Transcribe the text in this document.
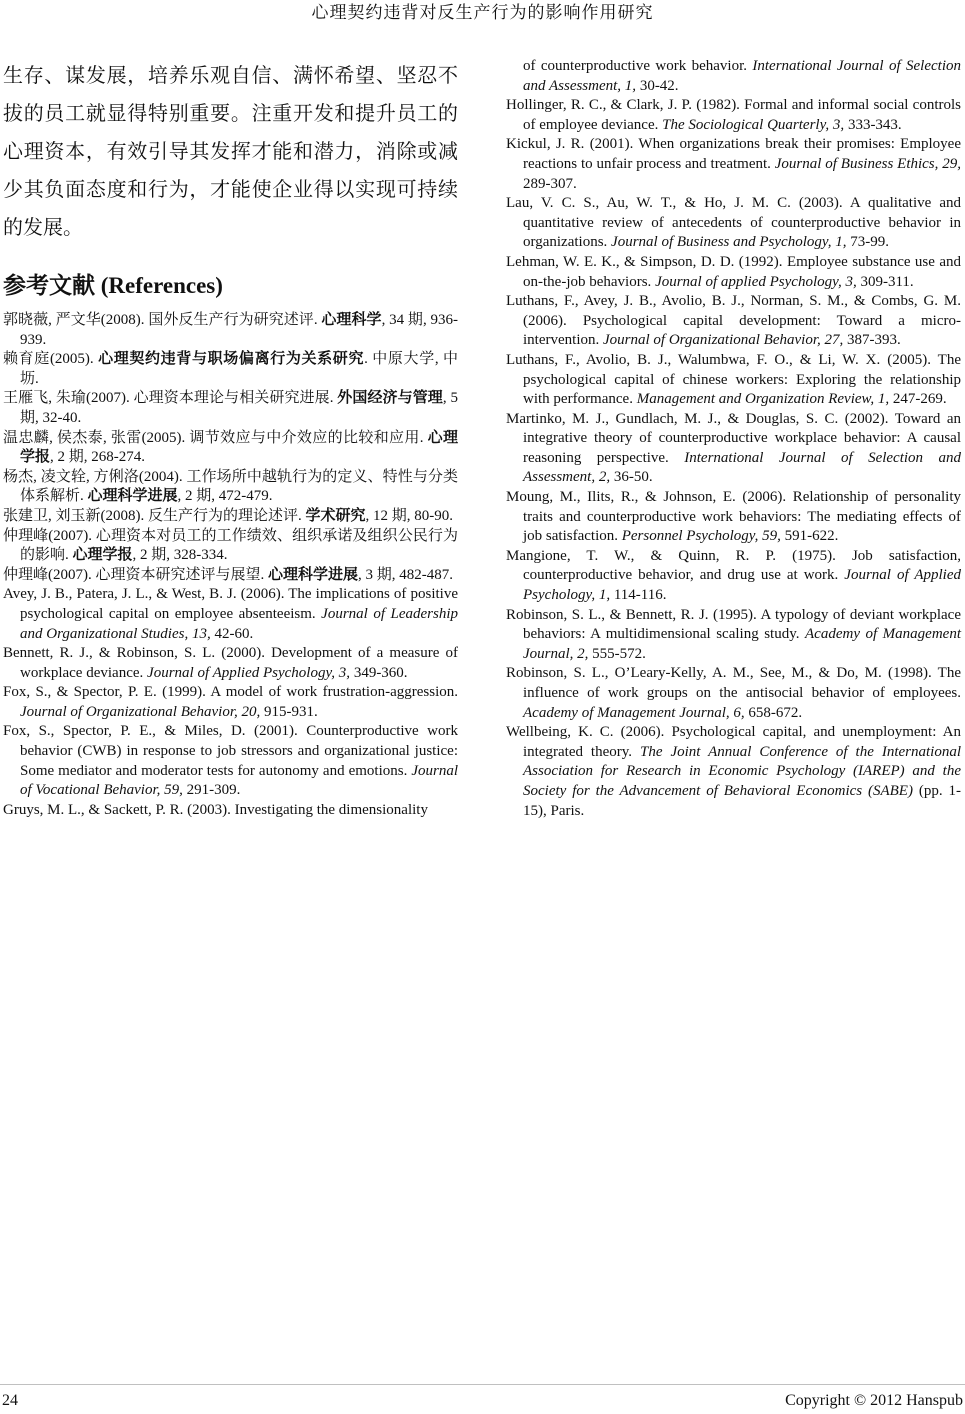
心理契约违背对反生产行为的影响作用研究

生存、谋发展，培养乐观自信、满怀希望、坚忍不拔的员工就显得特别重要。注重开发和提升员工的心理资本，有效引导其发挥才能和潜力，消除或减少其负面态度和行为，才能使企业得以实现可持续的发展。

参考文献 (References)
郭晓薇, 严文华(2008). 国外反生产行为研究述评. 心理科学, 34 期, 936-939.
赖育庭(2005). 心理契约违背与职场偏离行为关系研究. 中原大学, 中坜.
王雁飞, 朱瑜(2007). 心理资本理论与相关研究进展. 外国经济与管理, 5 期, 32-40.
温忠麟, 侯杰泰, 张雷(2005). 调节效应与中介效应的比较和应用. 心理学报, 2 期, 268-274.
杨杰, 凌文辁, 方俐洛(2004). 工作场所中越轨行为的定义、特性与分类体系解析. 心理科学进展, 2 期, 472-479.
张建卫, 刘玉新(2008). 反生产行为的理论述评. 学术研究, 12 期, 80-90.
仲理峰(2007). 心理资本对员工的工作绩效、组织承诺及组织公民行为的影响. 心理学报, 2 期, 328-334.
仲理峰(2007). 心理资本研究述评与展望. 心理科学进展, 3 期, 482-487.
Avey, J. B., Patera, J. L., & West, B. J. (2006). The implications of positive psychological capital on employee absenteeism. Journal of Leadership and Organizational Studies, 13, 42-60.
Bennett, R. J., & Robinson, S. L. (2000). Development of a measure of workplace deviance. Journal of Applied Psychology, 3, 349-360.
Fox, S., & Spector, P. E. (1999). A model of work frustration-aggression. Journal of Organizational Behavior, 20, 915-931.
Fox, S., Spector, P. E., & Miles, D. (2001). Counterproductive work behavior (CWB) in response to job stressors and organizational justice: Some mediator and moderator tests for autonomy and emotions. Journal of Vocational Behavior, 59, 291-309.
Gruys, M. L., & Sackett, P. R. (2003). Investigating the dimensionality
of counterproductive work behavior. International Journal of Selection and Assessment, 1, 30-42.
Hollinger, R. C., & Clark, J. P. (1982). Formal and informal social controls of employee deviance. The Sociological Quarterly, 3, 333-343.
Kickul, J. R. (2001). When organizations break their promises: Employee reactions to unfair process and treatment. Journal of Business Ethics, 29, 289-307.
Lau, V. C. S., Au, W. T., & Ho, J. M. C. (2003). A qualitative and quantitative review of antecedents of counterproductive behavior in organizations. Journal of Business and Psychology, 1, 73-99.
Lehman, W. E. K., & Simpson, D. D. (1992). Employee substance use and on-the-job behaviors. Journal of applied Psychology, 3, 309-311.
Luthans, F., Avey, J. B., Avolio, B. J., Norman, S. M., & Combs, G. M. (2006). Psychological capital development: Toward a micro-intervention. Journal of Organizational Behavior, 27, 387-393.
Luthans, F., Avolio, B. J., Walumbwa, F. O., & Li, W. X. (2005). The psychological capital of chinese workers: Exploring the relationship with performance. Management and Organization Review, 1, 247-269.
Martinko, M. J., Gundlach, M. J., & Douglas, S. C. (2002). Toward an integrative theory of counterproductive workplace behavior: A causal reasoning perspective. International Journal of Selection and Assessment, 2, 36-50.
Moung, M., Ilits, R., & Johnson, E. (2006). Relationship of personality traits and counterproductive work behaviors: The mediating effects of job satisfaction. Personnel Psychology, 59, 591-622.
Mangione, T. W., & Quinn, R. P. (1975). Job satisfaction, counterproductive behavior, and drug use at work. Journal of Applied Psychology, 1, 114-116.
Robinson, S. L., & Bennett, R. J. (1995). A typology of deviant workplace behaviors: A multidimensional scaling study. Academy of Management Journal, 2, 555-572.
Robinson, S. L., O’Leary-Kelly, A. M., See, M., & Do, M. (1998). The influence of work groups on the antisocial behavior of employees. Academy of Management Journal, 6, 658-672.
Wellbeing, K. C. (2006). Psychological capital, and unemployment: An integrated theory. The Joint Annual Conference of the International Association for Research in Economic Psychology (IAREP) and the Society for the Advancement of Behavioral Economics (SABE) (pp. 1-15), Paris.
24	Copyright © 2012 Hanspub
